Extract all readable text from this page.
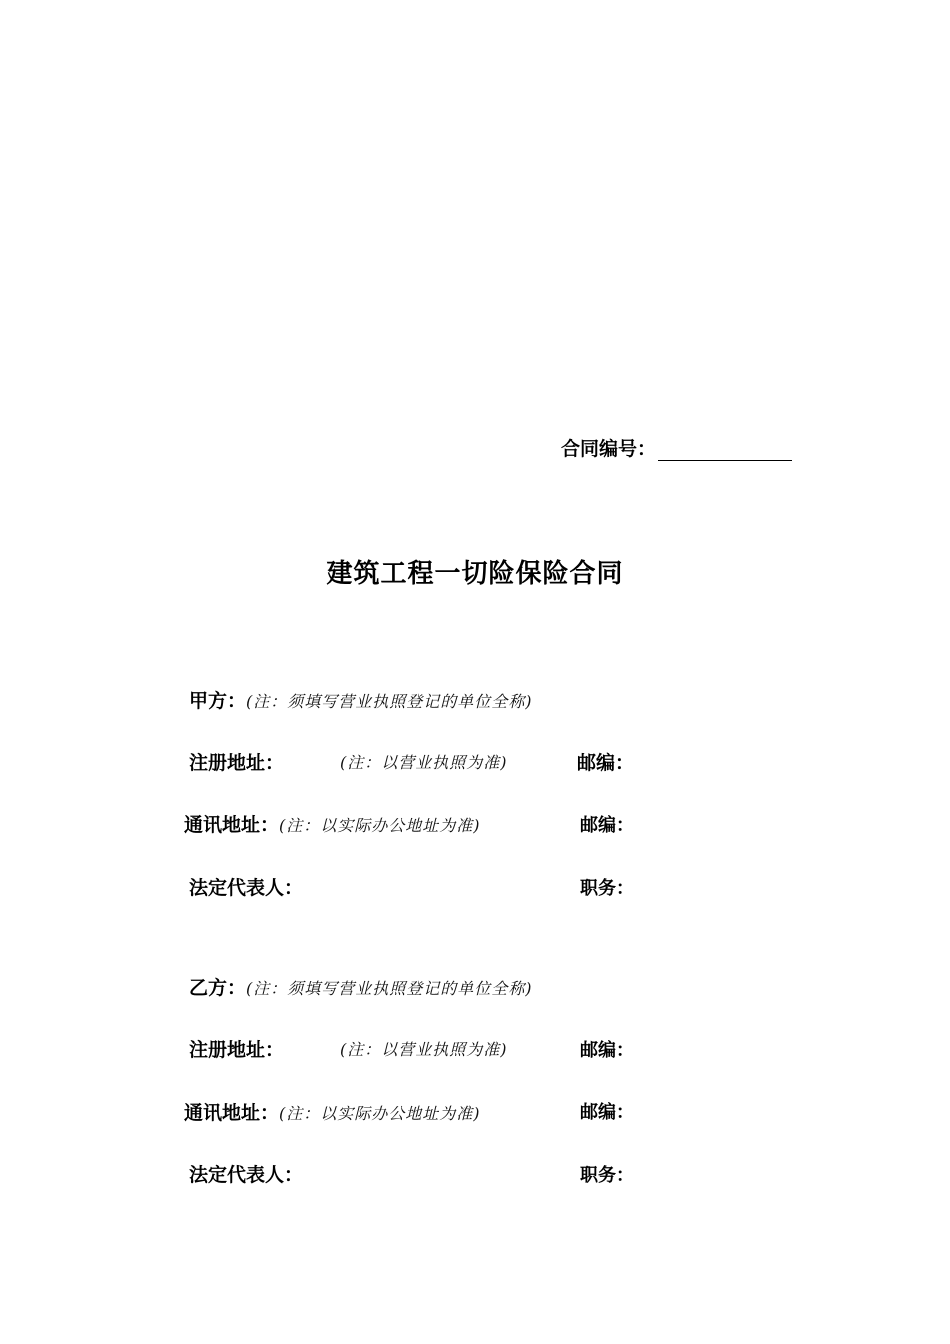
合同编号：
建筑工程一切险保险合同
甲方：(注：须填写营业执照登记的单位全称)
注册地址：	(注：以营业执照为准)	邮编：
通讯地址：(注：以实际办公地址为准)	邮编：
法定代表人：	职务：
乙方：(注：须填写营业执照登记的单位全称)
注册地址：	(注：以营业执照为准)	邮编：
通讯地址：(注：以实际办公地址为准)	邮编：
法定代表人：	职务：
